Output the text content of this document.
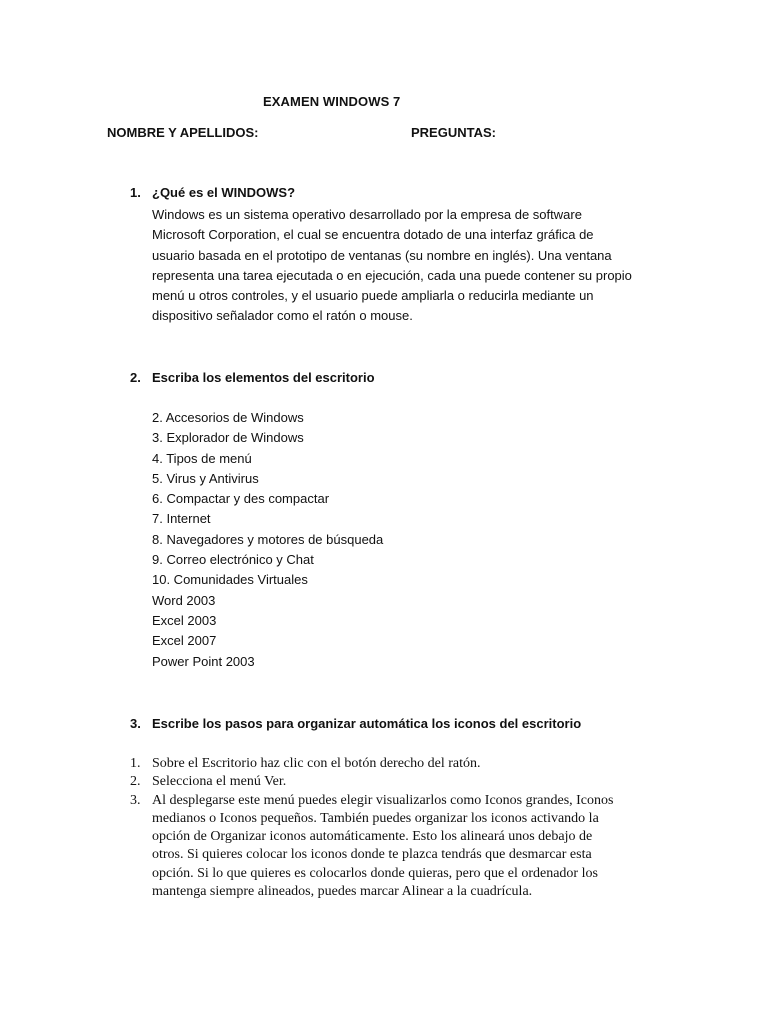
EXAMEN WINDOWS 7
NOMBRE Y APELLIDOS:	PREGUNTAS:
1. ¿Qué es el WINDOWS?
Windows es un sistema operativo desarrollado por la empresa de software
Microsoft Corporation, el cual se encuentra dotado de una interfaz gráfica de
usuario basada en el prototipo de ventanas (su nombre en inglés). Una ventana
representa una tarea ejecutada o en ejecución, cada una puede contener su propio
menú u otros controles, y el usuario puede ampliarla o reducirla mediante un
dispositivo señalador como el ratón o mouse.
2. Escriba los elementos del escritorio
2. Accesorios de Windows
3. Explorador de Windows
4. Tipos de menú
5. Virus y Antivirus
6. Compactar y des compactar
7. Internet
8. Navegadores y motores de búsqueda
9. Correo electrónico y Chat
10. Comunidades Virtuales
Word 2003
Excel 2003
Excel 2007
Power Point 2003
3. Escribe los pasos para organizar automática los iconos del escritorio
1. Sobre el Escritorio haz clic con el botón derecho del ratón.
2. Selecciona el menú Ver.
3. Al desplegarse este menú puedes elegir visualizarlos como Iconos grandes, Iconos
medianos o Iconos pequeños. También puedes organizar los iconos activando la
opción de Organizar iconos automáticamente. Esto los alineará unos debajo de
otros. Si quieres colocar los iconos donde te plazca tendrás que desmarcar esta
opción. Si lo que quieres es colocarlos donde quieras, pero que el ordenador los
mantenga siempre alineados, puedes marcar Alinear a la cuadrícula.
